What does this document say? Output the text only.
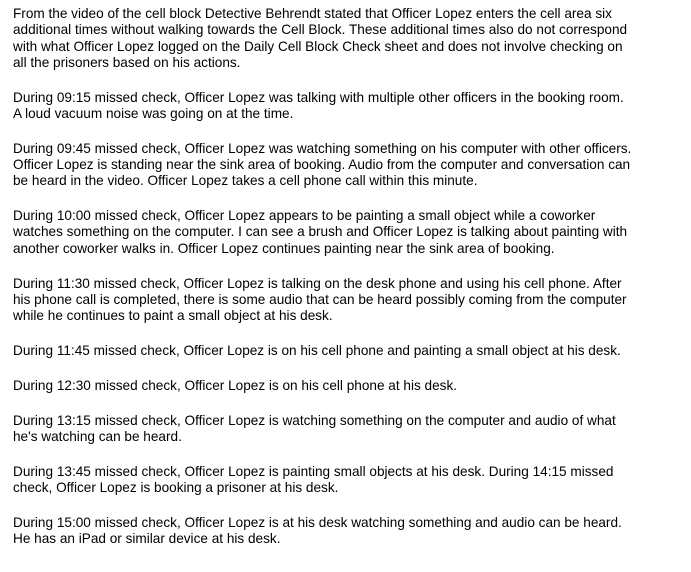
From the video of the cell block Detective Behrendt stated that Officer Lopez enters the cell area six
additional times without walking towards the Cell Block. These additional times also do not correspond
with what Officer Lopez logged on the Daily Cell Block Check sheet and does not involve checking on
all the prisoners based on his actions.

During 09:15 missed check, Officer Lopez was talking with multiple other officers in the booking room.
A loud vacuum noise was going on at the time.

During 09:45 missed check, Officer Lopez was watching something on his computer with other officers.
Officer Lopez is standing near the sink area of booking. Audio from the computer and conversation can
be heard in the video. Officer Lopez takes a cell phone call within this minute.

During 10:00 missed check, Officer Lopez appears to be painting a small object while a coworker
watches something on the computer. I can see a brush and Officer Lopez is talking about painting with
another coworker walks in. Officer Lopez continues painting near the sink area of booking.

During 11:30 missed check, Officer Lopez is talking on the desk phone and using his cell phone. After
his phone call is completed, there is some audio that can be heard possibly coming from the computer
while he continues to paint a small object at his desk.

During 11:45 missed check, Officer Lopez is on his cell phone and painting a small object at his desk.

During 12:30 missed check, Officer Lopez is on his cell phone at his desk.

During 13:15 missed check, Officer Lopez is watching something on the computer and audio of what
he's watching can be heard.

During 13:45 missed check, Officer Lopez is painting small objects at his desk. During 14:15 missed
check, Officer Lopez is booking a prisoner at his desk.

During 15:00 missed check, Officer Lopez is at his desk watching something and audio can be heard.
He has an iPad or similar device at his desk.
